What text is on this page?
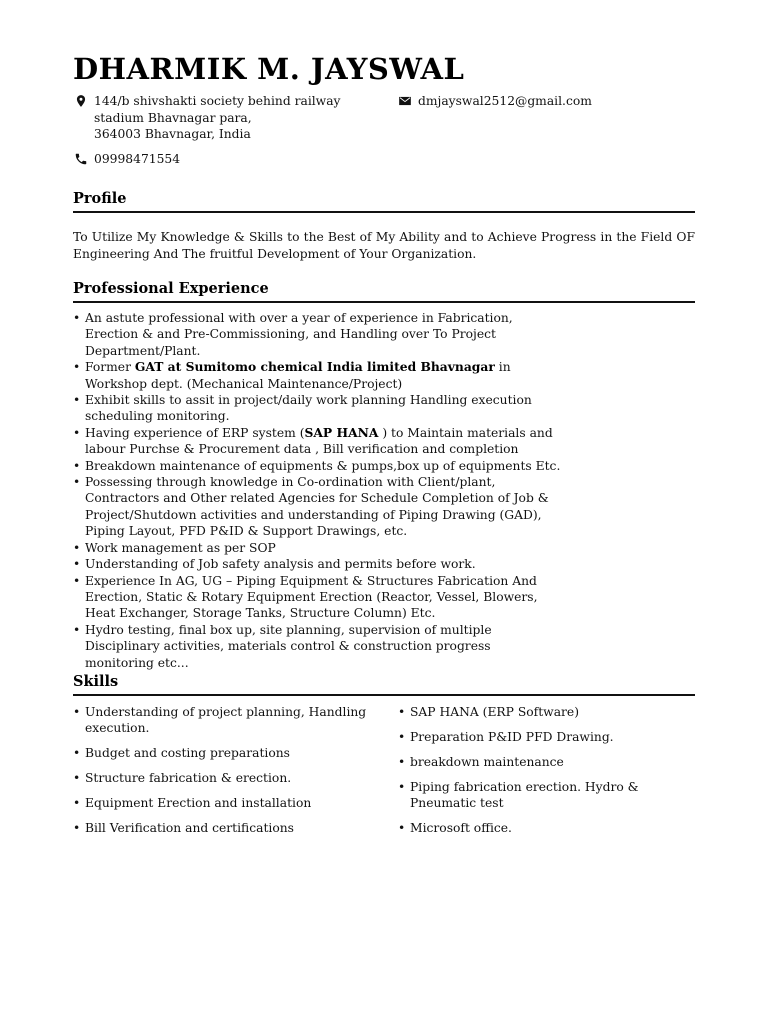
DHARMIK M. JAYSWAL
144/b shivshakti society behind railway
stadium Bhavnagar para,
364003 Bhavnagar, India
dmjayswal2512@gmail.com
09998471554
Profile

To Utilize My Knowledge & Skills to the Best of My Ability and to Achieve Progress in the Field OF Engineering And The fruitful Development of Your Organization.

Professional Experience
• An astute professional with over a year of experience in Fabrication, Erection & and Pre-Commissioning, and Handling over To Project Department/Plant.
• Former GAT at Sumitomo chemical India limited Bhavnagar in Workshop dept. (Mechanical Maintenance/Project)
• Exhibit skills to assit in project/daily work planning Handling execution scheduling monitoring.
• Having experience of ERP system (SAP HANA ) to Maintain materials and labour Purchse & Procurement data , Bill verification and completion
• Breakdown maintenance of equipments & pumps,box up of equipments Etc.
• Possessing through knowledge in Co-ordination with Client/plant, Contractors and Other related Agencies for Schedule Completion of Job & Project/Shutdown activities and understanding of Piping Drawing (GAD), Piping Layout, PFD P&ID & Support Drawings, etc.
• Work management as per SOP
• Understanding of Job safety analysis and permits before work.
• Experience In AG, UG – Piping Equipment & Structures Fabrication And Erection, Static & Rotary Equipment Erection (Reactor, Vessel, Blowers, Heat Exchanger, Storage Tanks, Structure Column) Etc.
• Hydro testing, final box up, site planning, supervision of multiple Disciplinary activities, materials control & construction progress monitoring etc...
Skills
• Understanding of project planning, Handling execution.
• Budget and costing preparations
• Structure fabrication & erection.
• Equipment Erection and installation
• Bill Verification and certifications
• SAP HANA (ERP Software)
• Preparation P&ID PFD Drawing.
• breakdown maintenance
• Piping fabrication erection. Hydro & Pneumatic test
• Microsoft office.
